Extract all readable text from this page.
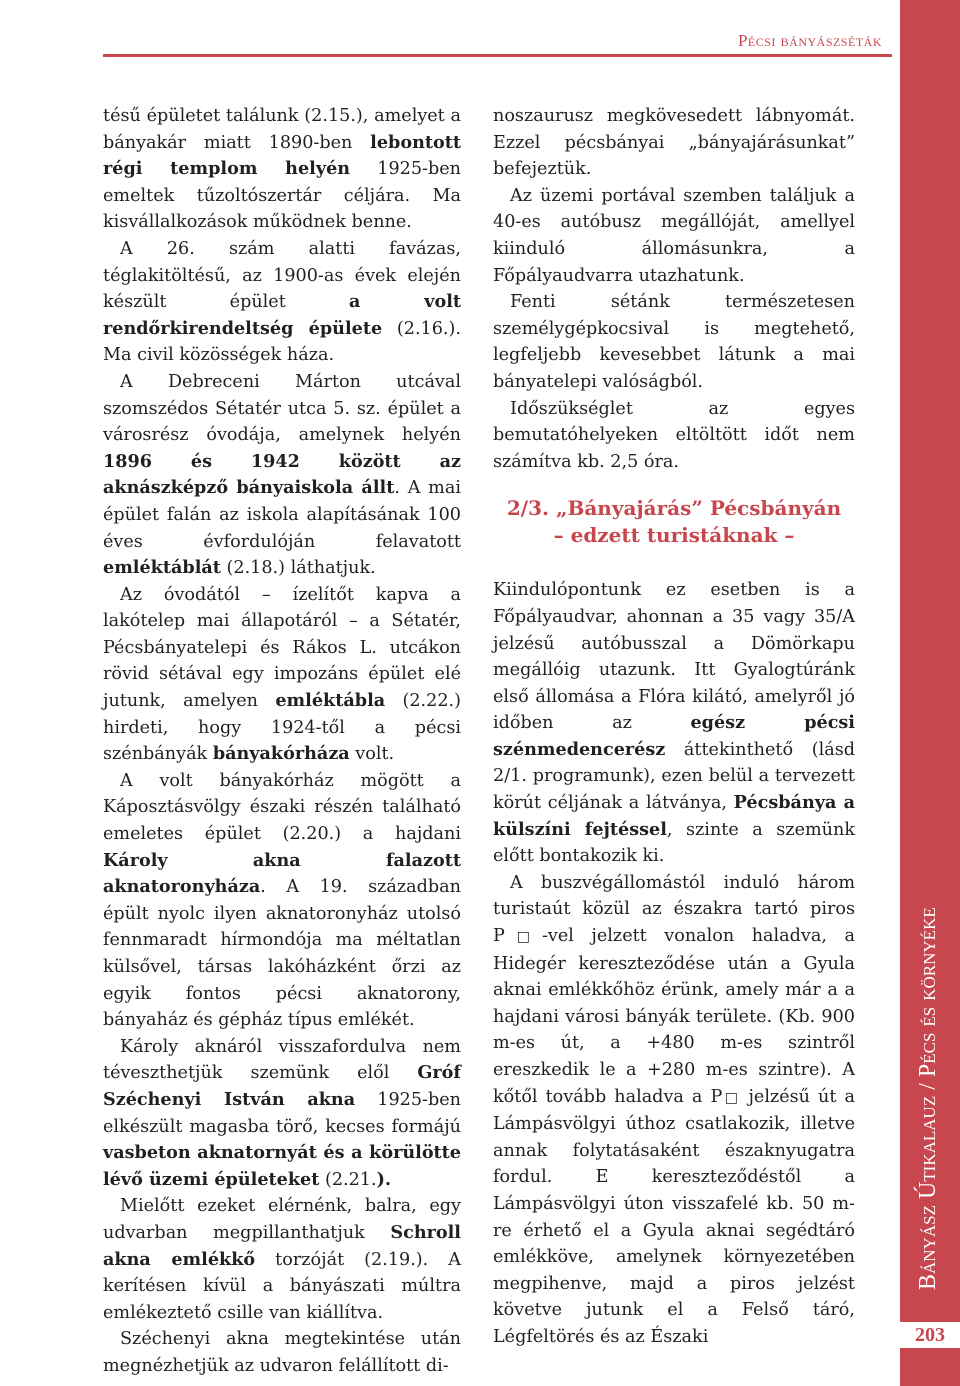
Pécsi bányászséták
Bányász Útikalauz / Pécs és környéke
203

tésű épületet találunk (2.15.), amelyet a bányakár miatt 1890-ben lebontott régi templom helyén 1925-ben emeltek tűzoltószertár céljára. Ma kisvállalkozások működnek benne.

A 26. szám alatti favázas, téglakitöltésű, az 1900-as évek elején készült épület a volt rendőrkirendeltség épülete (2.16.). Ma civil közösségek háza.

A Debreceni Márton utcával szomszédos Sétatér utca 5. sz. épület a városrész óvodája, amelynek helyén 1896 és 1942 között az aknászképző bányaiskola állt. A mai épület falán az iskola alapításának 100 éves évfordulóján felavatott emléktáblát (2.18.) láthatjuk.

Az óvodától – ízelítőt kapva a lakótelep mai állapotáról – a Sétatér, Pécsbányatelepi és Rákos L. utcákon rövid sétával egy impozáns épület elé jutunk, amelyen emléktábla (2.22.) hirdeti, hogy 1924-től a pécsi szénbányák bányakórháza volt.

A volt bányakórház mögött a Káposztásvölgy északi részén található emeletes épület (2.20.) a hajdani Károly akna falazott aknatoronyháza. A 19. században épült nyolc ilyen aknatoronyház utolsó fennmaradt hírmondója ma méltatlan külsővel, társas lakóházként őrzi az egyik fontos pécsi aknatorony, bányaház és gépház típus emlékét.

Károly aknáról visszafordulva nem téveszthetjük szemünk elől Gróf Széchenyi István akna 1925-ben elkészült magasba törő, kecses formájú vasbeton aknatornyát és a körülötte lévő üzemi épületeket (2.21.).

Mielőtt ezeket elérnénk, balra, egy udvarban megpillanthatjuk Schroll akna emlékkő torzóját (2.19.). A kerítésen kívül a bányászati múltra emlékeztető csille van kiállítva.

Széchenyi akna megtekintése után megnézhetjük az udvaron felállított di-

noszaurusz megkövesedett lábnyomát. Ezzel pécsbányai „bányajárásunkat” befejeztük.

Az üzemi portával szemben találjuk a 40-es autóbusz megállóját, amellyel kiinduló állomásunkra, a Főpályaudvarra utazhatunk.

Fenti sétánk természetesen személygépkocsival is megtehető, legfeljebb kevesebbet látunk a mai bányatelepi valóságból.

Időszükséglet az egyes bemutatóhelyeken eltöltött időt nem számítva kb. 2,5 óra.

2/3. „Bányajárás” Pécsbányán
– edzett turistáknak –

Kiindulópontunk ez esetben is a Főpályaudvar, ahonnan a 35 vagy 35/A jelzésű autóbusszal a Dömörkapu megállóig utazunk. Itt Gyalogtúránk első állomása a Flóra kilátó, amelyről jó időben az egész pécsi szénmedencerész áttekinthető (lásd 2/1. programunk), ezen belül a tervezett körút céljának a látványa, Pécsbánya a külszíni fejtéssel, szinte a szemünk előtt bontakozik ki.

A buszvégállomástól induló három turistaút közül az északra tartó piros P□-vel jelzett vonalon haladva, a Hidegér kereszteződése után a Gyula aknai emlékkőhöz érünk, amely már a a hajdani városi bányák területe. (Kb. 900 m-es út, a +480 m-es szintről ereszkedik le a +280 m-es szintre). A kőtől tovább haladva a P□ jelzésű út a Lámpásvölgyi úthoz csatlakozik, illetve annak folytatásaként északnyugatra fordul. E kereszteződéstől a Lámpásvölgyi úton visszafelé kb. 50 m-re érhető el a Gyula aknai segédtáró emlékköve, amelynek környezetében megpihenve, majd a piros jelzést követve jutunk el a Felső táró, Légfeltörés és az Északi
